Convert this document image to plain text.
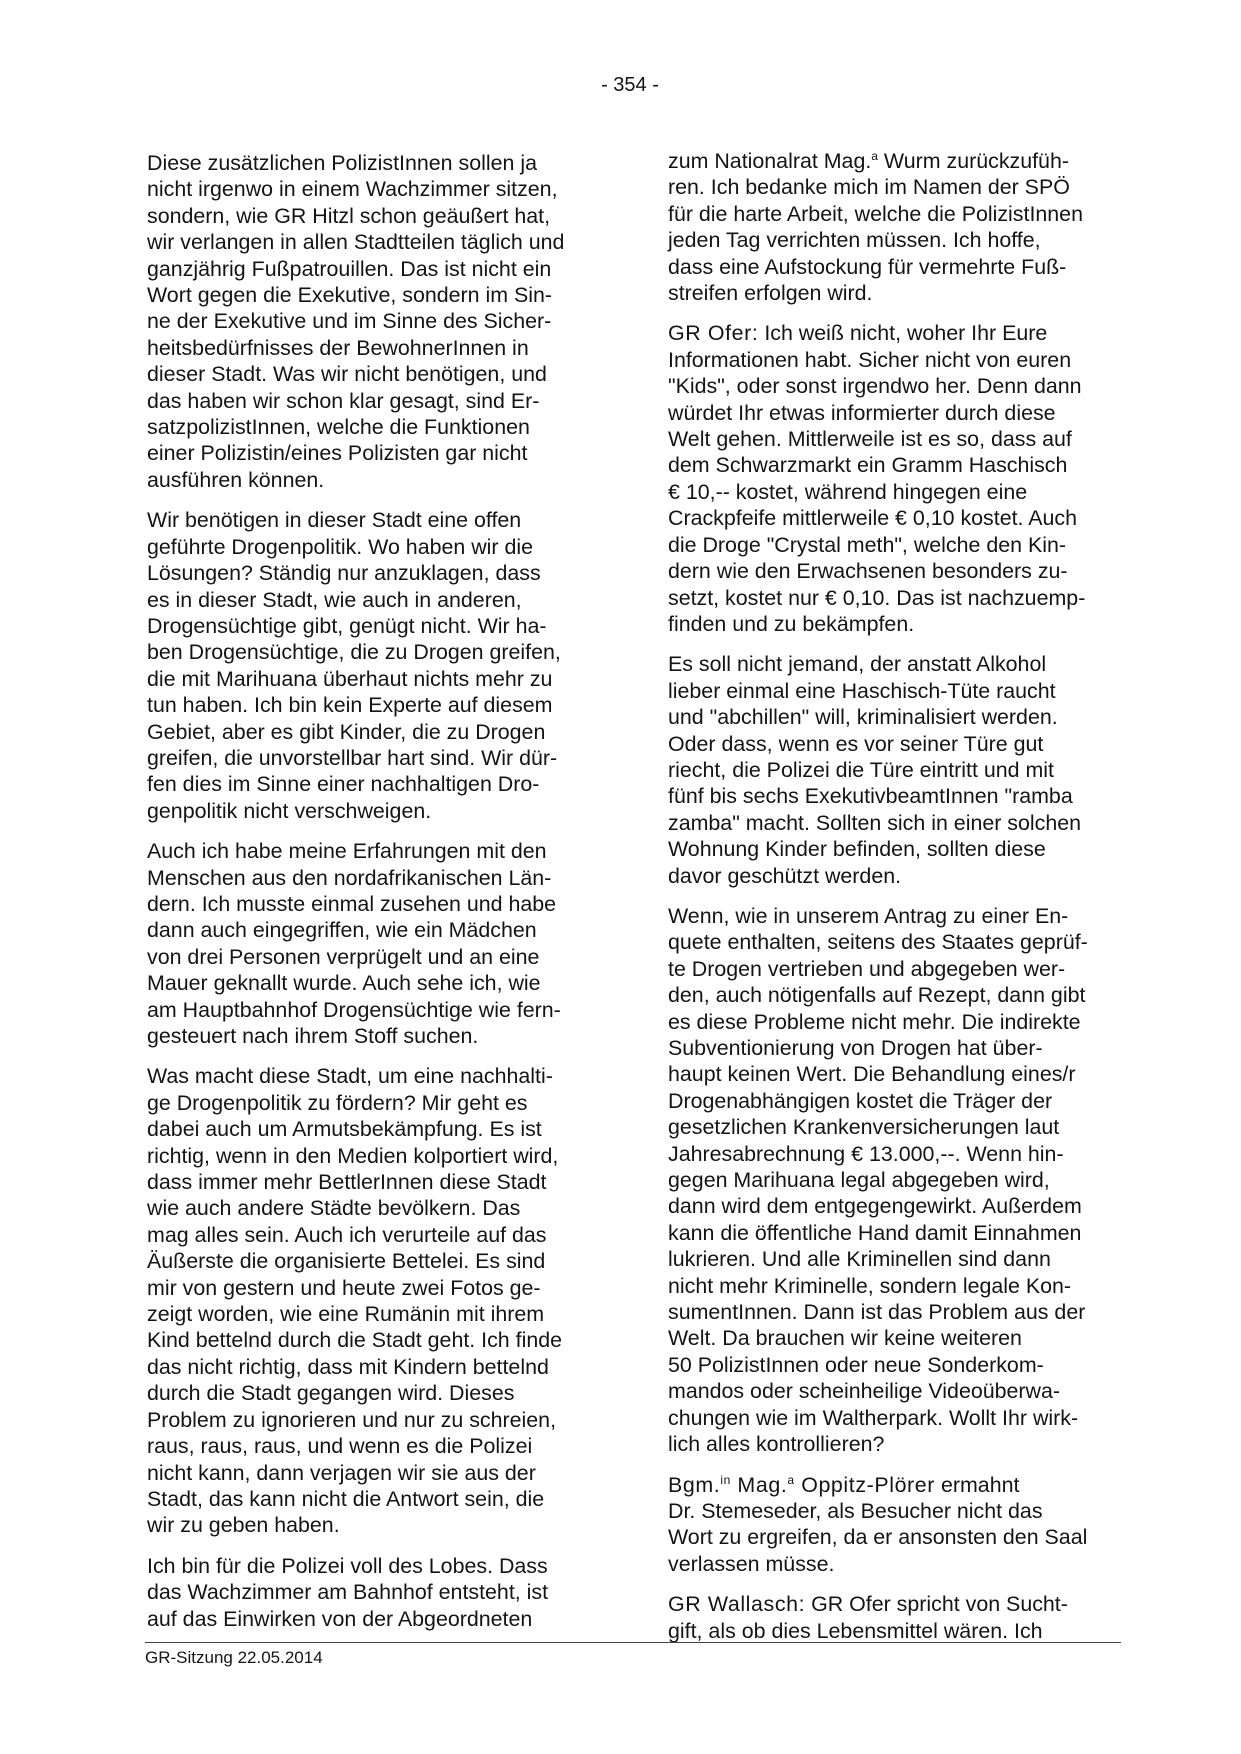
- 354 -

Diese zusätzlichen PolizistInnen sollen ja
nicht irgenwo in einem Wachzimmer sitzen,
sondern, wie GR Hitzl schon geäußert hat,
wir verlangen in allen Stadtteilen täglich und
ganzjährig Fußpatrouillen. Das ist nicht ein
Wort gegen die Exekutive, sondern im Sin-
ne der Exekutive und im Sinne des Sicher-
heitsbedürfnisses der BewohnerInnen in
dieser Stadt. Was wir nicht benötigen, und
das haben wir schon klar gesagt, sind Er-
satzpolizistInnen, welche die Funktionen
einer Polizistin/eines Polizisten gar nicht
ausführen können.

Wir benötigen in dieser Stadt eine offen
geführte Drogenpolitik. Wo haben wir die
Lösungen? Ständig nur anzuklagen, dass
es in dieser Stadt, wie auch in anderen,
Drogensüchtige gibt, genügt nicht. Wir ha-
ben Drogensüchtige, die zu Drogen greifen,
die mit Marihuana überhaut nichts mehr zu
tun haben. Ich bin kein Experte auf diesem
Gebiet, aber es gibt Kinder, die zu Drogen
greifen, die unvorstellbar hart sind. Wir dür-
fen dies im Sinne einer nachhaltigen Dro-
genpolitik nicht verschweigen.

Auch ich habe meine Erfahrungen mit den
Menschen aus den nordafrikanischen Län-
dern. Ich musste einmal zusehen und habe
dann auch eingegriffen, wie ein Mädchen
von drei Personen verprügelt und an eine
Mauer geknallt wurde. Auch sehe ich, wie
am Hauptbahnhof Drogensüchtige wie fern-
gesteuert nach ihrem Stoff suchen.

Was macht diese Stadt, um eine nachhalti-
ge Drogenpolitik zu fördern? Mir geht es
dabei auch um Armutsbekämpfung. Es ist
richtig, wenn in den Medien kolportiert wird,
dass immer mehr BettlerInnen diese Stadt
wie auch andere Städte bevölkern. Das
mag alles sein. Auch ich verurteile auf das
Äußerste die organisierte Bettelei. Es sind
mir von gestern und heute zwei Fotos ge-
zeigt worden, wie eine Rumänin mit ihrem
Kind bettelnd durch die Stadt geht. Ich finde
das nicht richtig, dass mit Kindern bettelnd
durch die Stadt gegangen wird. Dieses
Problem zu ignorieren und nur zu schreien,
raus, raus, raus, und wenn es die Polizei
nicht kann, dann verjagen wir sie aus der
Stadt, das kann nicht die Antwort sein, die
wir zu geben haben.

Ich bin für die Polizei voll des Lobes. Dass
das Wachzimmer am Bahnhof entsteht, ist
auf das Einwirken von der Abgeordneten

zum Nationalrat Mag.$^a$ Wurm zurückzufüh-
ren. Ich bedanke mich im Namen der SPÖ
für die harte Arbeit, welche die PolizistInnen
jeden Tag verrichten müssen. Ich hoffe,
dass eine Aufstockung für vermehrte Fuß-
streifen erfolgen wird.

GR Ofer: Ich weiß nicht, woher Ihr Eure
Informationen habt. Sicher nicht von euren
"Kids", oder sonst irgendwo her. Denn dann
würdet Ihr etwas informierter durch diese
Welt gehen. Mittlerweile ist es so, dass auf
dem Schwarzmarkt ein Gramm Haschisch
€ 10,-- kostet, während hingegen eine
Crackpfeife mittlerweile € 0,10 kostet. Auch
die Droge "Crystal meth", welche den Kin-
dern wie den Erwachsenen besonders zu-
setzt, kostet nur € 0,10. Das ist nachzuemp-
finden und zu bekämpfen.

Es soll nicht jemand, der anstatt Alkohol
lieber einmal eine Haschisch-Tüte raucht
und "abchillen" will, kriminalisiert werden.
Oder dass, wenn es vor seiner Türe gut
riecht, die Polizei die Türe eintritt und mit
fünf bis sechs ExekutivbeamtInnen "ramba
zamba" macht. Sollten sich in einer solchen
Wohnung Kinder befinden, sollten diese
davor geschützt werden.

Wenn, wie in unserem Antrag zu einer En-
quete enthalten, seitens des Staates geprüf-
te Drogen vertrieben und abgegeben wer-
den, auch nötigenfalls auf Rezept, dann gibt
es diese Probleme nicht mehr. Die indirekte
Subventionierung von Drogen hat über-
haupt keinen Wert. Die Behandlung eines/r
Drogenabhängigen kostet die Träger der
gesetzlichen Krankenversicherungen laut
Jahresabrechnung € 13.000,--. Wenn hin-
gegen Marihuana legal abgegeben wird,
dann wird dem entgegengewirkt. Außerdem
kann die öffentliche Hand damit Einnahmen
lukrieren. Und alle Kriminellen sind dann
nicht mehr Kriminelle, sondern legale Kon-
sumentInnen. Dann ist das Problem aus der
Welt. Da brauchen wir keine weiteren
50 PolizistInnen oder neue Sonderkom-
mandos oder scheinheilige Videoüberwa-
chungen wie im Waltherpark. Wollt Ihr wirk-
lich alles kontrollieren?

Bgm.$^{in}$ Mag.$^a$ Oppitz-Plörer ermahnt
Dr. Stemeseder, als Besucher nicht das
Wort zu ergreifen, da er ansonsten den Saal
verlassen müsse.

GR Wallasch: GR Ofer spricht von Sucht-
gift, als ob dies Lebensmittel wären. Ich

GR-Sitzung 22.05.2014
